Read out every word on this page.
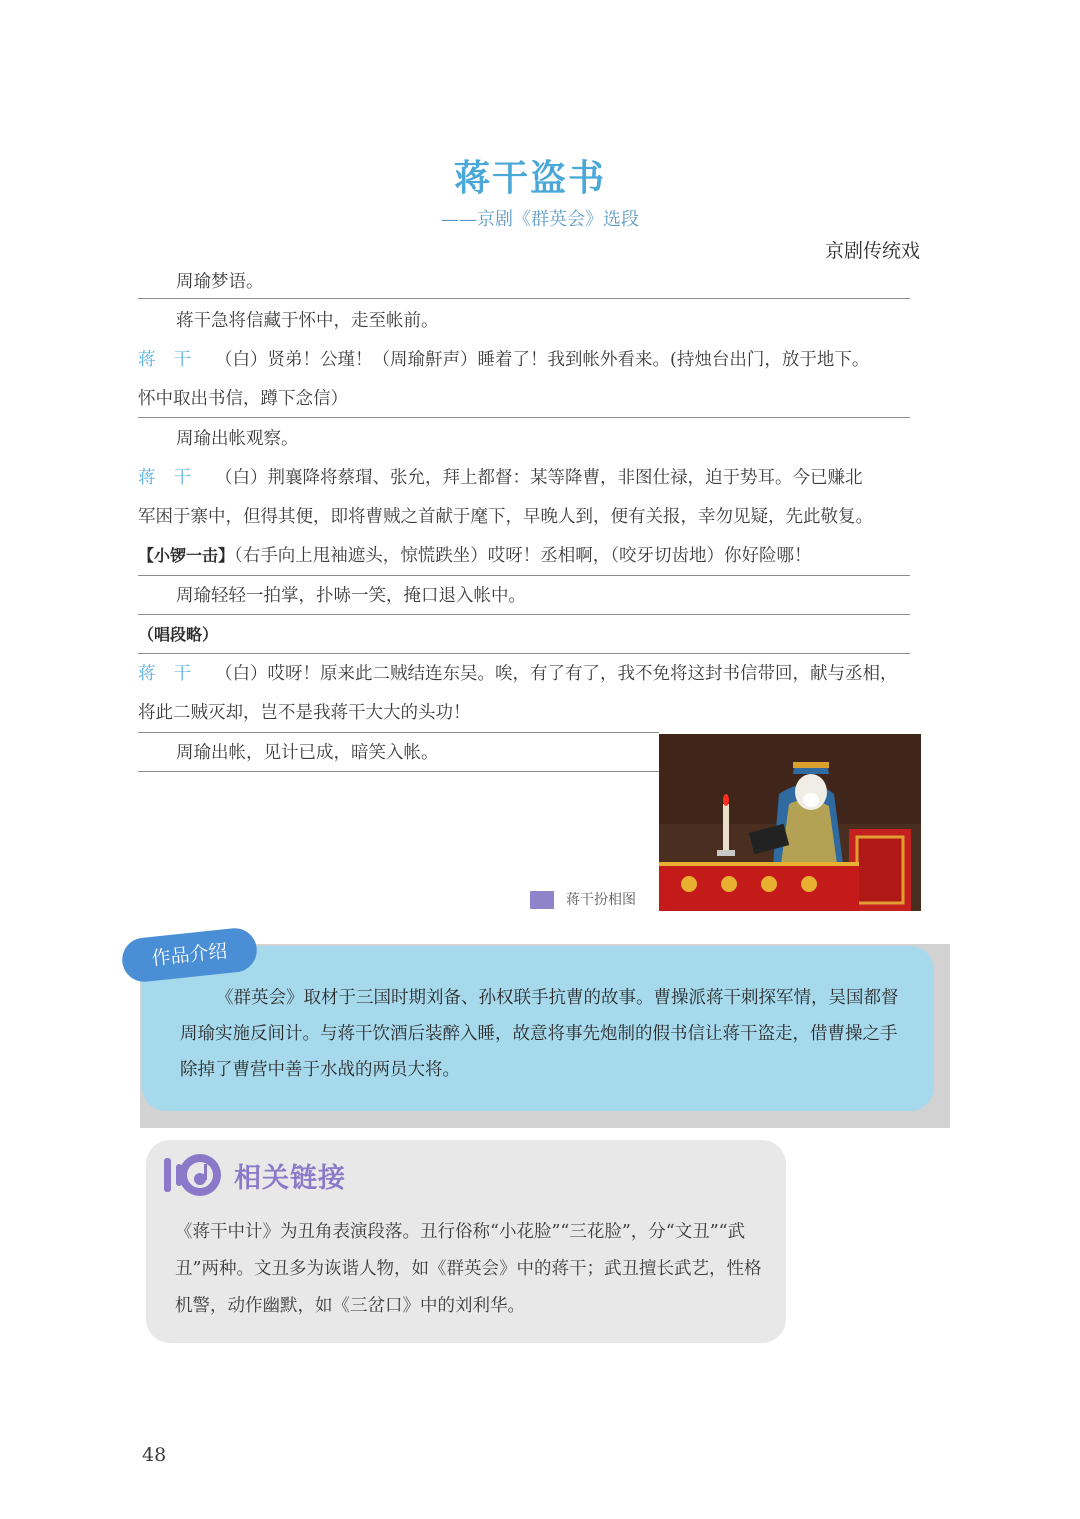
蒋干盗书
——京剧《群英会》选段
京剧传统戏
周瑜梦语。
蒋干急将信藏于怀中，走至帐前。
蒋干 （白）贤弟！公瑾！（周瑜鼾声）睡着了！我到帐外看来。(持烛台出门，放于地下。
怀中取出书信，蹲下念信）
周瑜出帐观察。
蒋干 （白）荆襄降将蔡瑁、张允，拜上都督：某等降曹，非图仕禄，迫于势耳。今已赚北
军困于寨中，但得其便，即将曹贼之首献于麾下，早晚人到，便有关报，幸勿见疑，先此敬复。
【小锣一击】（右手向上甩袖遮头，惊慌跌坐）哎呀！丞相啊，（咬牙切齿地）你好险哪！
周瑜轻轻一拍掌，扑哧一笑，掩口退入帐中。
（唱段略）
蒋干 （白）哎呀！原来此二贼结连东吴。唉，有了有了，我不免将这封书信带回，献与丞相，
将此二贼灭却，岂不是我蒋干大大的头功！
周瑜出帐，见计已成，暗笑入帐。
蒋干扮相图
作品介绍
《群英会》取材于三国时期刘备、孙权联手抗曹的故事。曹操派蒋干刺探军情，吴国都督周瑜实施反间计。与蒋干饮酒后装醉入睡，故意将事先炮制的假书信让蒋干盗走，借曹操之手除掉了曹营中善于水战的两员大将。
相关链接
《蒋干中计》为丑角表演段落。丑行俗称“小花脸”“三花脸”，分“文丑”“武丑”两种。文丑多为诙谐人物，如《群英会》中的蒋干；武丑擅长武艺，性格机警，动作幽默，如《三岔口》中的刘利华。
48
